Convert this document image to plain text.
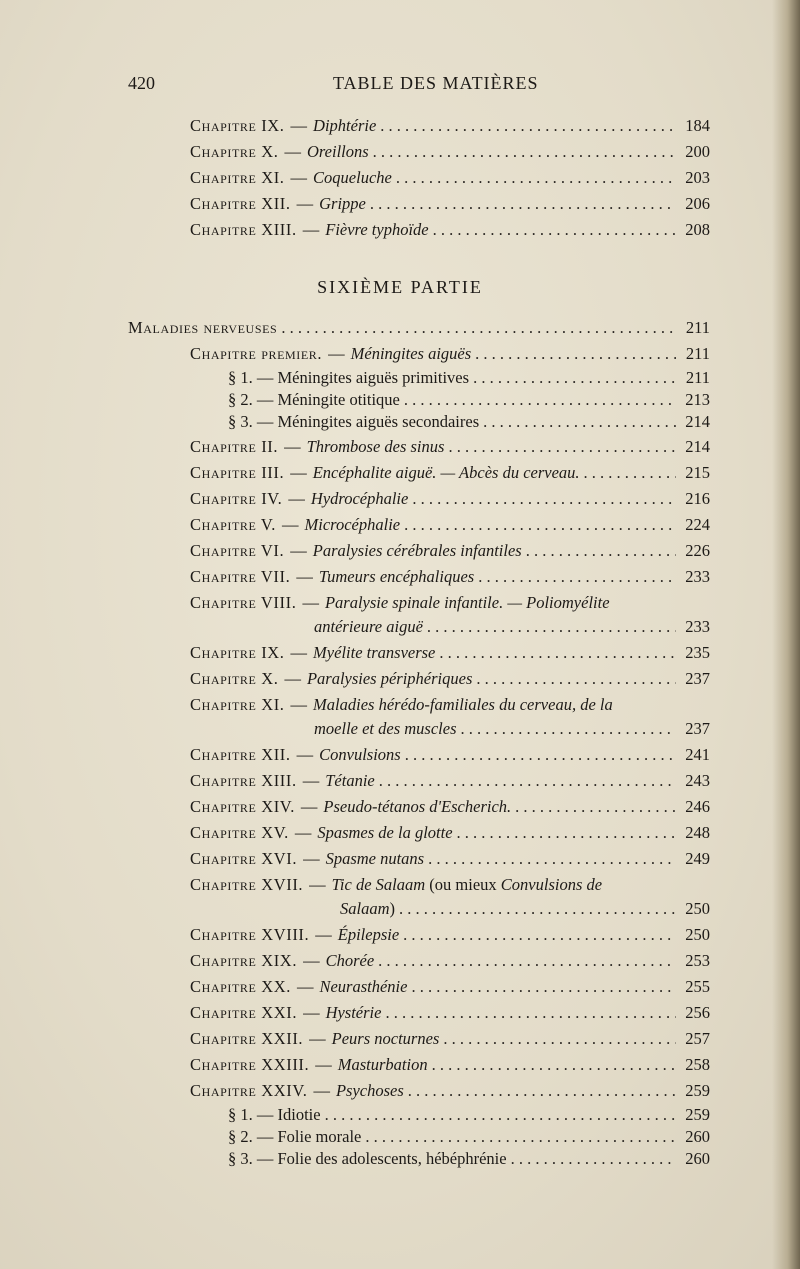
420	TABLE DES MATIÈRES
Chapitre IX. — Diphtérie . . .	184
Chapitre X. — Oreillons . . .	200
Chapitre XI. — Coqueluche . . .	203
Chapitre XII. — Grippe . . .	206
Chapitre XIII. — Fièvre typhoïde . . .	208
SIXIÈME PARTIE
Maladies nerveuses . . .	211
Chapitre premier. — Méningites aiguës . . .	211
§ 1. — Méningites aiguës primitives . . .	211
§ 2. — Méningite otitique . . .	213
§ 3. — Méningites aiguës secondaires . . .	214
Chapitre II. — Thrombose des sinus . . .	214
Chapitre III. — Encéphalite aiguë. — Abcès du cerveau. . . .	215
Chapitre IV. — Hydrocéphalie . . .	216
Chapitre V. — Microcéphalie . . .	224
Chapitre VI. — Paralysies cérébrales infantiles . . .	226
Chapitre VII. — Tumeurs encéphaliques . . .	233
Chapitre VIII. — Paralysie spinale infantile. — Poliomyélite
antérieure aiguë . . .	233
Chapitre IX. — Myélite transverse . . .	235
Chapitre X. — Paralysies périphériques . . .	237
Chapitre XI. — Maladies hérédo-familiales du cerveau, de la
moelle et des muscles . . .	237
Chapitre XII. — Convulsions . . .	241
Chapitre XIII. — Tétanie . . .	243
Chapitre XIV. — Pseudo-tétanos d'Escherich. . . .	246
Chapitre XV. — Spasmes de la glotte . . .	248
Chapitre XVI. — Spasme nutans . . .	249
Chapitre XVII. — Tic de Salaam (ou mieux Convulsions de
Salaam ) . . .	250
Chapitre XVIII. — Épilepsie . . .	250
Chapitre XIX. — Chorée . . .	253
Chapitre XX. — Neurasthénie . . .	255
Chapitre XXI. — Hystérie . . .	256
Chapitre XXII. — Peurs nocturnes . . .	257
Chapitre XXIII. — Masturbation . . .	258
Chapitre XXIV. — Psychoses . . .	259
§ 1. — Idiotie . . .	259
§ 2. — Folie morale . . .	260
§ 3. — Folie des adolescents, hébéphrénie . . .	260
